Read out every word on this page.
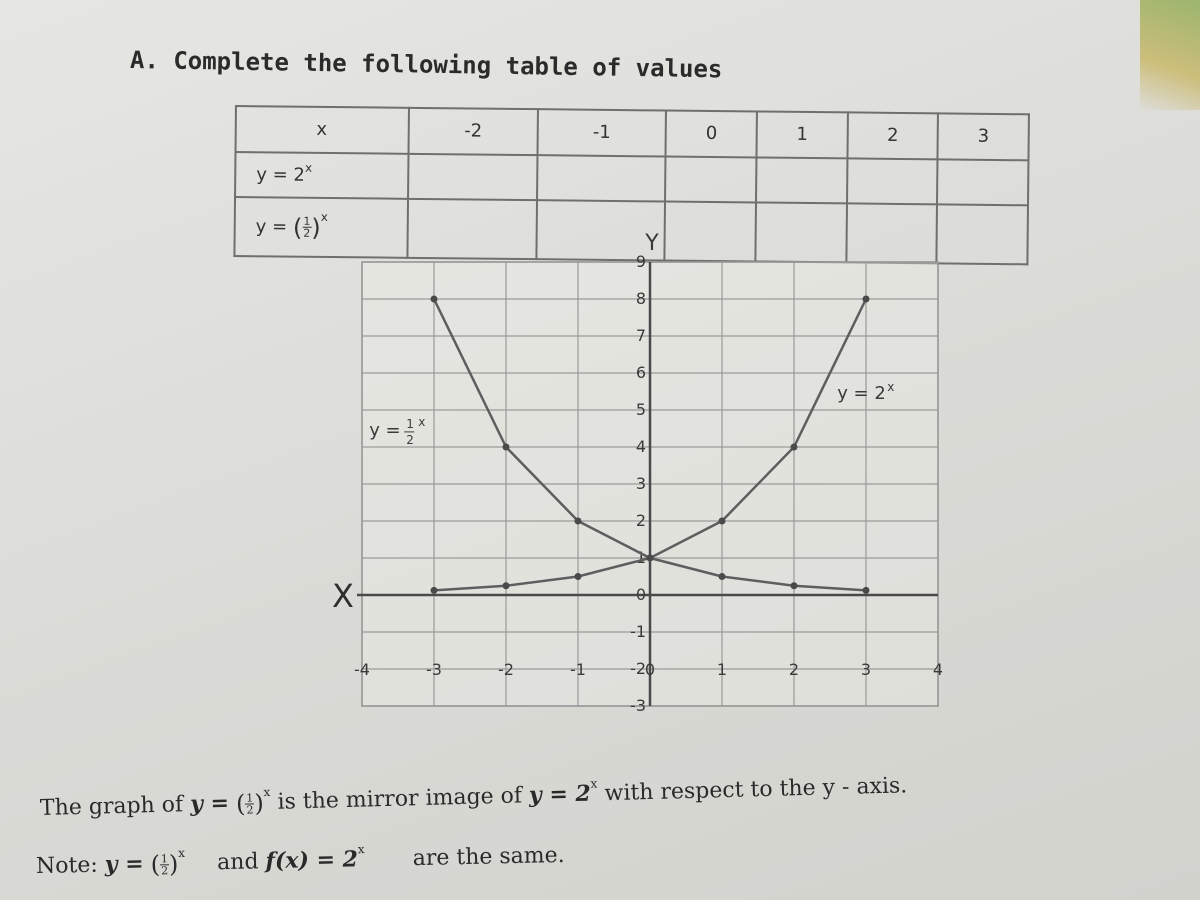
A. Complete the following table of values
x	-2	-1	0	1	2	3
$y = 2^x$						
y = ( $\frac{1}{2} )^x$						
-4	-3	-2	-1	0	1	2	3	4
-3
-2
-1
0
1
2
3
4
5
6
7
8
9
X
Y
y = 2 x
y = 1
2
x
The graph of y = ( $\frac{1}{2} )^x$ is the mirror image of $y = 2^x$ with respect to the y - axis.
Note: y = ( $\frac{1}{2} )^x$ and $f(x) = 2^x$ are the same.
